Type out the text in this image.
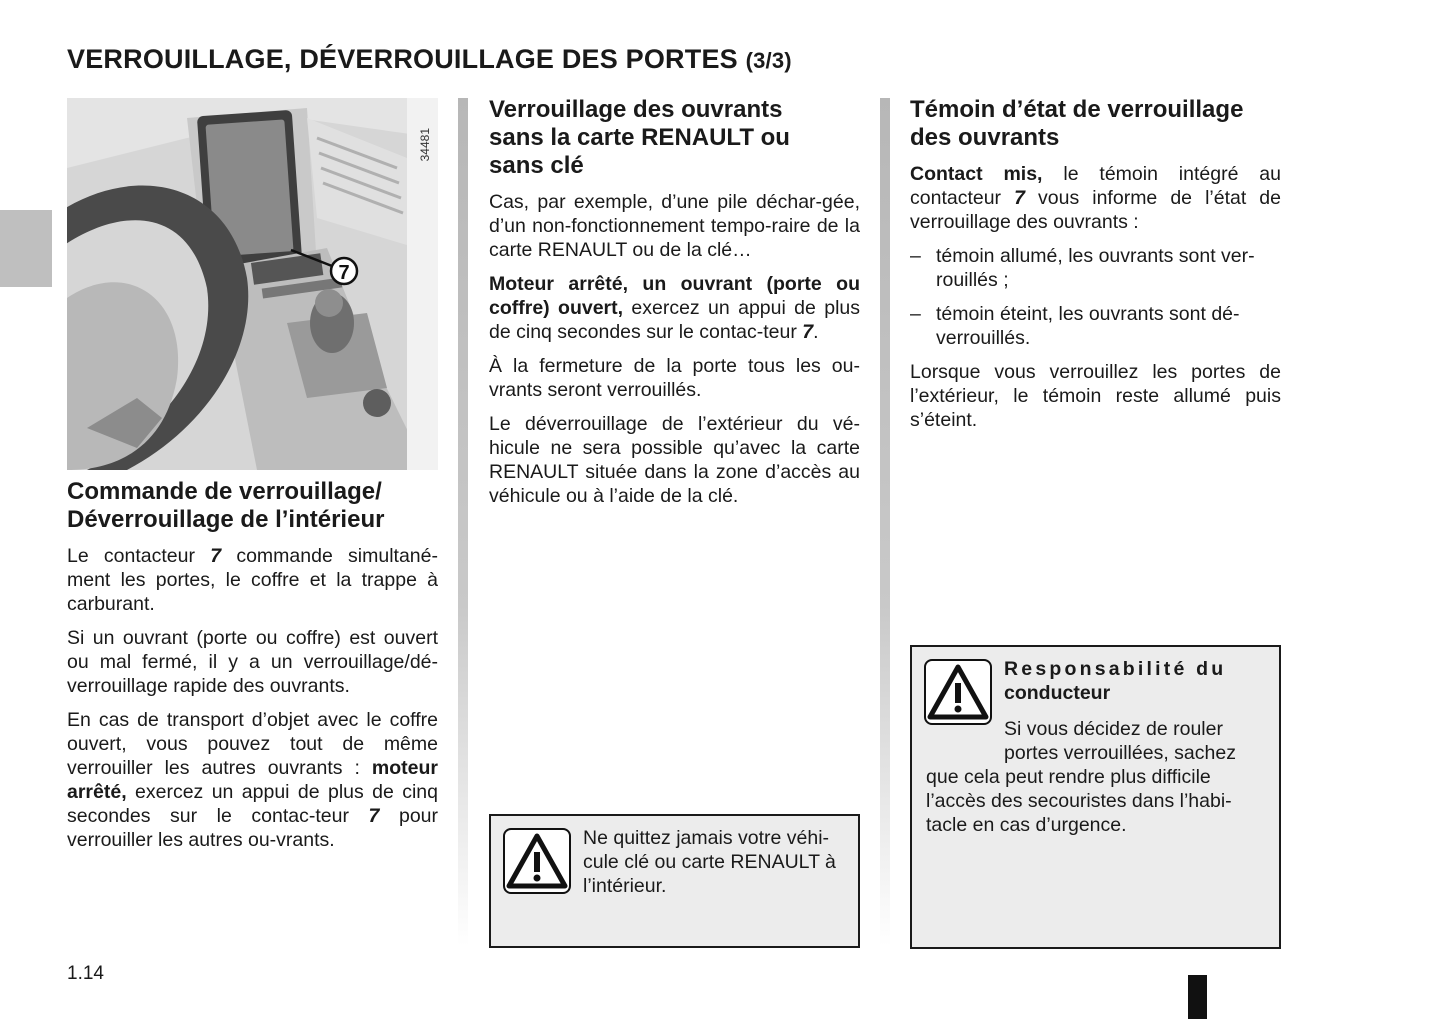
VERROUILLAGE, DÉVERROUILLAGE DES PORTES (3/3)
7
34481
Commande de verrouillage/
Déverrouillage de l’intérieur

Le contacteur 7 commande simultané-ment les portes, le coffre et la trappe à carburant.

Si un ouvrant (porte ou coffre) est ouvert ou mal fermé, il y a un verrouillage/dé-verrouillage rapide des ouvrants.

En cas de transport d’objet avec le coffre ouvert, vous pouvez tout de même verrouiller les autres ouvrants : moteur arrêté, exercez un appui de plus de cinq secondes sur le contac-teur 7 pour verrouiller les autres ou-vrants.

Verrouillage des ouvrants
sans la carte RENAULT ou
sans clé

Cas, par exemple, d’une pile déchar-gée, d’un non-fonctionnement tempo-raire de la carte RENAULT ou de la clé…

Moteur arrêté, un ouvrant (porte ou coffre) ouvert, exercez un appui de plus de cinq secondes sur le contac-teur 7.

À la fermeture de la porte tous les ou-vrants seront verrouillés.

Le déverrouillage de l’extérieur du vé-hicule ne sera possible qu’avec la carte RENAULT située dans la zone d’accès au véhicule ou à l’aide de la clé.

Ne quittez jamais votre véhi-cule clé ou carte RENAULT à l’intérieur.
Témoin d’état de verrouillage
des ouvrants

Contact mis, le témoin intégré au contacteur 7 vous informe de l’état de verrouillage des ouvrants :

– témoin allumé, les ouvrants sont ver-rouillés ;

– témoin éteint, les ouvrants sont dé-verrouillés.

Lorsque vous verrouillez les portes de l’extérieur, le témoin reste allumé puis s’éteint.

Responsabilité du
conducteur
Si vous décidez de rouler
portes verrouillées, sachez
que cela peut rendre plus difficile
l’accès des secouristes dans l’habi-
tacle en cas d’urgence.
1.14
